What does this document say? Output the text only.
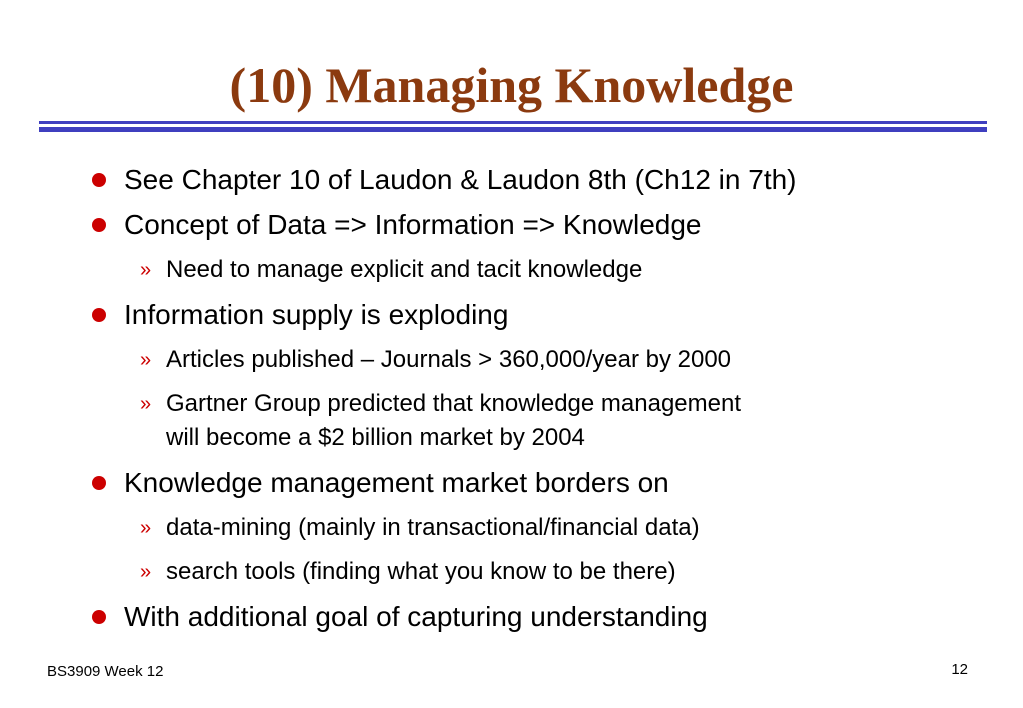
(10) Managing Knowledge
See Chapter 10 of Laudon & Laudon 8th (Ch12 in 7th)
Concept of Data => Information => Knowledge
» Need to manage explicit and tacit knowledge
Information supply is exploding
» Articles published – Journals > 360,000/year by 2000
» Gartner Group predicted that knowledge management
will become a $2 billion market by 2004
Knowledge management market borders on
» data-mining (mainly in transactional/financial data)
» search tools (finding what you know to be there)
With additional goal of capturing understanding
BS3909 Week 12	12
